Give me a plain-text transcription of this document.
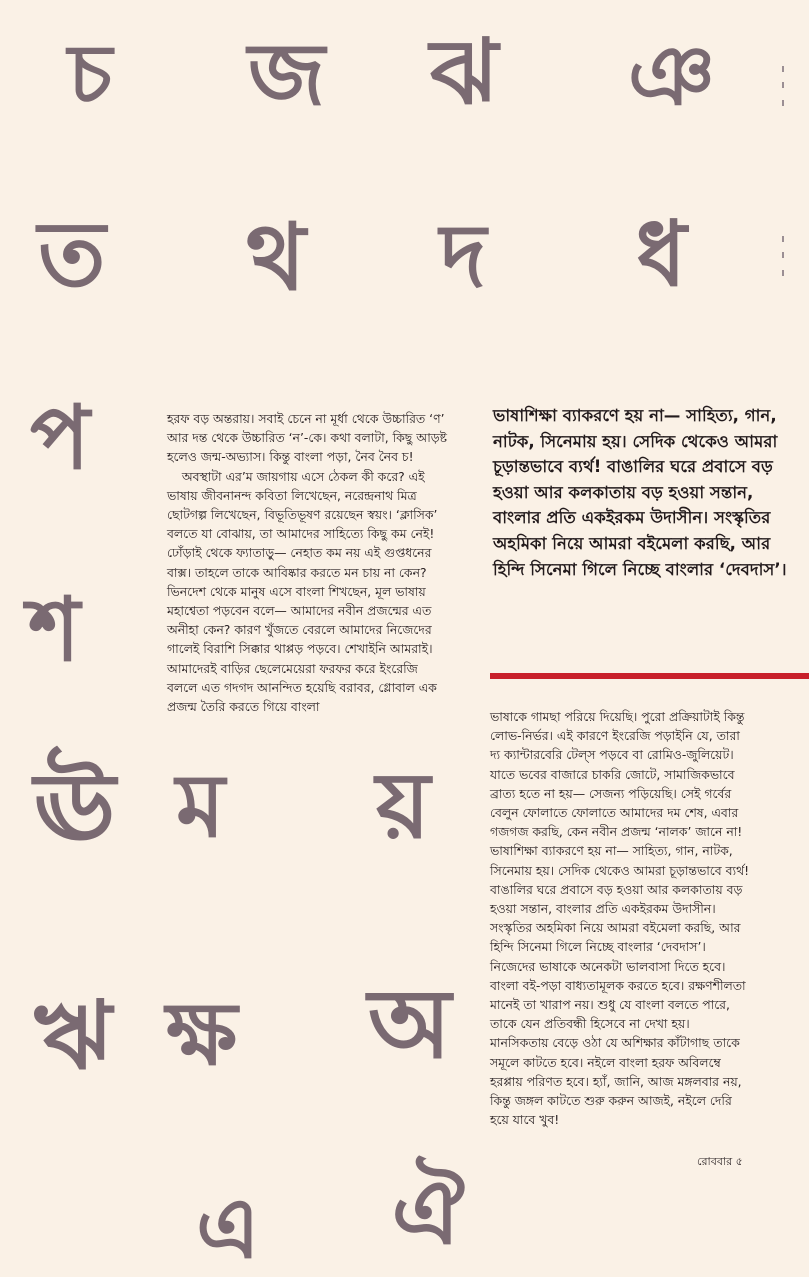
চ জ ঝ ঞ
ত থ দ ধ
প
শ
ঊ ম য়
ঋ ক্ষ অ
এ ঐ

হরফ বড় অন্তরায়। সবাই চেনে না মূর্ধা থেকে উচ্চারিত ‘ণ’ আর দন্ত থেকে উচ্চারিত ‘ন’-কে। কথা বলাটা, কিছু আড়ষ্ট হলেও জন্ম-অভ্যাস। কিন্তু বাংলা পড়া, নৈব নৈব চ!

অবস্থাটা এর’ম জায়গায় এসে ঠেকল কী করে? এই ভাষায় জীবনানন্দ কবিতা লিখেছেন, নরেন্দ্রনাথ মিত্র ছোটগল্প লিখেছেন, বিভূতিভূষণ রয়েছেন স্বয়ং। ‘ক্লাসিক’ বলতে যা বোঝায়, তা আমাদের সাহিত্যে কিছু কম নেই! ঢোঁড়াই থেকে ফ্যাতাড়ু— নেহাত কম নয় এই গুপ্তধনের বাক্স। তাহলে তাকে আবিষ্কার করতে মন চায় না কেন? ভিনদেশ থেকে মানুষ এসে বাংলা শিখছেন, মূল ভাষায় মহাশ্বেতা পড়বেন বলে— আমাদের নবীন প্রজন্মের এত অনীহা কেন? কারণ খুঁজতে বেরলে আমাদের নিজেদের গালেই বিরাশি সিক্কার থাপ্পড় পড়বে। শেখাইনি আমরাই। আমাদেরই বাড়ির ছেলেমেয়েরা ফরফর করে ইংরেজি বললে এত গদগদ আনন্দিত হয়েছি বরাবর, গ্লোবাল এক প্রজন্ম তৈরি করতে গিয়ে বাংলা

ভাষাশিক্ষা ব্যাকরণে হয় না— সাহিত্য, গান, নাটক, সিনেমায় হয়। সেদিক থেকেও আমরা চূড়ান্তভাবে ব্যর্থ! বাঙালির ঘরে প্রবাসে বড় হওয়া আর কলকাতায় বড় হওয়া সন্তান, বাংলার প্রতি একইরকম উদাসীন। সংস্কৃতির অহমিকা নিয়ে আমরা বইমেলা করছি, আর হিন্দি সিনেমা গিলে নিচ্ছে বাংলার ‘দেবদাস’।

ভাষাকে গামছা পরিয়ে দিয়েছি। পুরো প্রক্রিয়াটাই কিন্তু লোভ-নির্ভর। এই কারণে ইংরেজি পড়াইনি যে, তারা দ্য ক্যান্টারবেরি টেল্স পড়বে বা রোমিও-জুলিয়েট। যাতে ভবের বাজারে চাকরি জোটে, সামাজিকভাবে ব্রাত্য হতে না হয়— সেজন্য পড়িয়েছি। সেই গর্বের বেলুন ফোলাতে ফোলাতে আমাদের দম শেষ, এবার গজগজ করছি, কেন নবীন প্রজন্ম ‘নালক’ জানে না! ভাষাশিক্ষা ব্যাকরণে হয় না— সাহিত্য, গান, নাটক, সিনেমায় হয়। সেদিক থেকেও আমরা চূড়ান্তভাবে ব্যর্থ! বাঙালির ঘরে প্রবাসে বড় হওয়া আর কলকাতায় বড় হওয়া সন্তান, বাংলার প্রতি একইরকম উদাসীন। সংস্কৃতির অহমিকা নিয়ে আমরা বইমেলা করছি, আর হিন্দি সিনেমা গিলে নিচ্ছে বাংলার ‘দেবদাস’। নিজেদের ভাষাকে অনেকটা ভালবাসা দিতে হবে। বাংলা বই-পড়া বাধ্যতামূলক করতে হবে। রক্ষণশীলতা মানেই তা খারাপ নয়। শুধু যে বাংলা বলতে পারে, তাকে যেন প্রতিবন্ধী হিসেবে না দেখা হয়। মানসিকতায় বেড়ে ওঠা যে অশিক্ষার কাঁটাগাছ তাকে সমূলে কাটতে হবে। নইলে বাংলা হরফ অবিলম্বে হরপ্পায় পরিণত হবে। হ্যাঁ, জানি, আজ মঙ্গলবার নয়, কিন্তু জঙ্গল কাটতে শুরু করুন আজই, নইলে দেরি হয়ে যাবে খুব!

রোববার ৫
